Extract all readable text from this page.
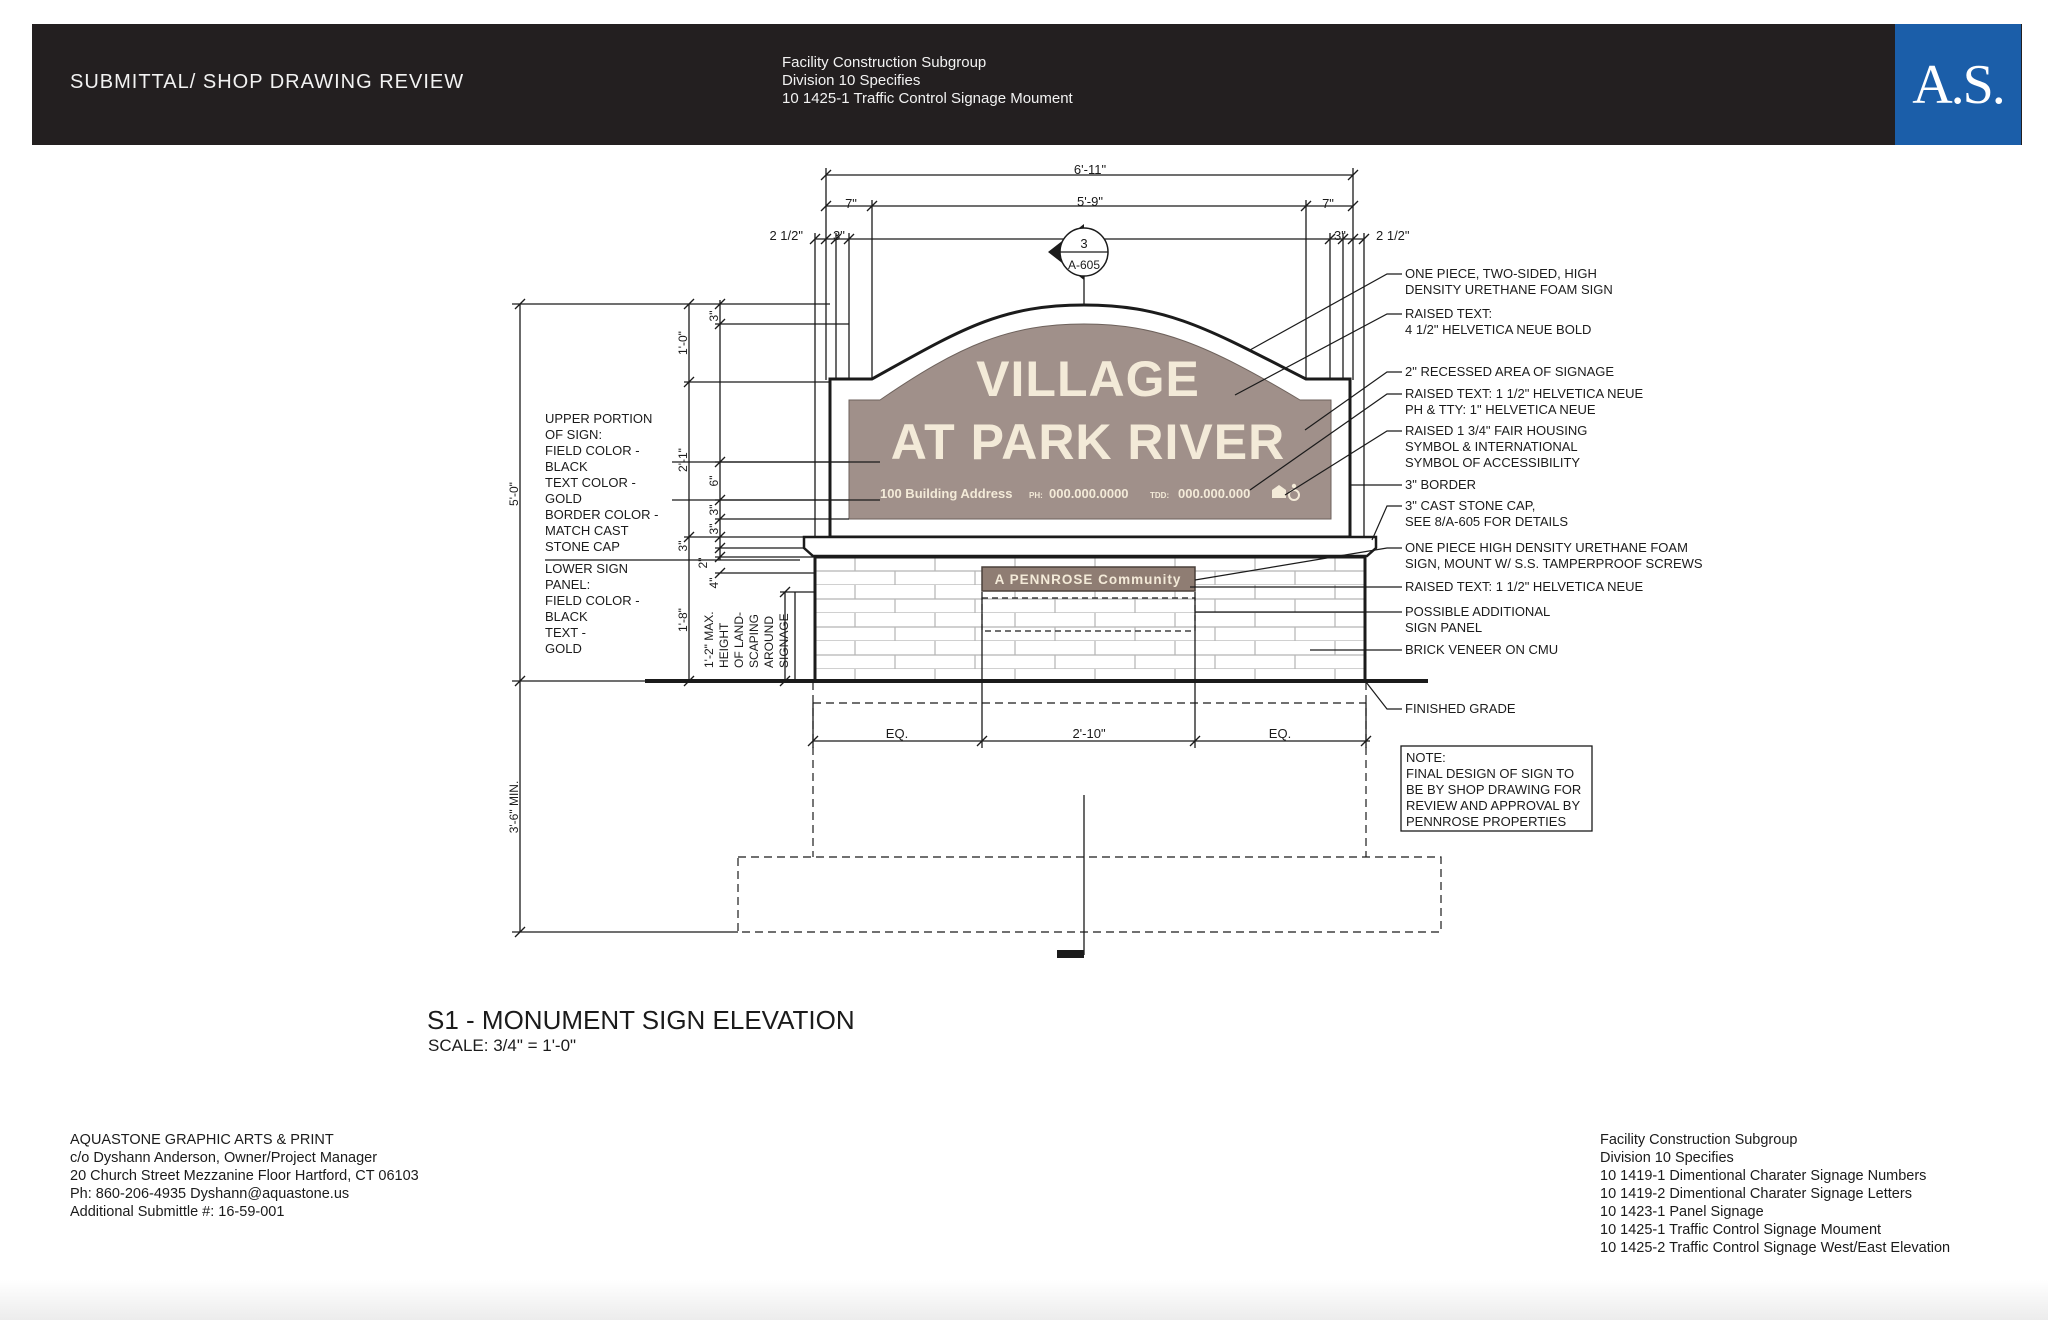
SUBMITTAL/ SHOP DRAWING REVIEW
Facility Construction Subgroup
Division 10 Specifies
10 1425-1 Traffic Control Signage Moument	A.S.
6'-11"
7"	5'-9"	7"
2 1/2" 3"	3" 2 1/2"
3
A-605
VILLAGE
AT PARK RIVER
100 Building Address PH: 000.000.0000	TDD: 000.000.000
A PENNROSE Community
EQ.	2'-10"	EQ.
5'-0"
3'-6" MIN.
1'-0"
3"
2'-1"
6"
3"
3"
3"
2"
4"
1'-8" 1'-2" MAX. HEIGHT OF LAND- SCAPING AROUND SIGNAGE
UPPER PORTION
OF SIGN:
FIELD COLOR -
BLACK
TEXT COLOR -
GOLD
BORDER COLOR -
MATCH CAST
STONE CAP
LOWER SIGN
PANEL:
FIELD COLOR -
BLACK
TEXT -
GOLD
ONE PIECE, TWO-SIDED, HIGH
DENSITY URETHANE FOAM SIGN
RAISED TEXT:
4 1/2" HELVETICA NEUE BOLD
2" RECESSED AREA OF SIGNAGE
RAISED TEXT: 1 1/2" HELVETICA NEUE
PH & TTY: 1" HELVETICA NEUE
RAISED 1 3/4" FAIR HOUSING
SYMBOL & INTERNATIONAL
SYMBOL OF ACCESSIBILITY
3" BORDER
3" CAST STONE CAP,
SEE 8/A-605 FOR DETAILS
ONE PIECE HIGH DENSITY URETHANE FOAM
SIGN, MOUNT W/ S.S. TAMPERPROOF SCREWS
RAISED TEXT: 1 1/2" HELVETICA NEUE
POSSIBLE ADDITIONAL
SIGN PANEL
BRICK VENEER ON CMU
FINISHED GRADE
NOTE:
FINAL DESIGN OF SIGN TO
BE BY SHOP DRAWING FOR
REVIEW AND APPROVAL BY
PENNROSE PROPERTIES
S1 - MONUMENT SIGN ELEVATION
SCALE: 3/4" = 1'-0"
AQUASTONE GRAPHIC ARTS & PRINT
c/o Dyshann Anderson, Owner/Project Manager
20 Church Street Mezzanine Floor Hartford, CT 06103
Ph: 860-206-4935 Dyshann@aquastone.us
Additional Submittle #: 16-59-001
Facility Construction Subgroup
Division 10 Specifies
10 1419-1 Dimentional Charater Signage Numbers
10 1419-2 Dimentional Charater Signage Letters
10 1423-1 Panel Signage
10 1425-1 Traffic Control Signage Moument
10 1425-2 Traffic Control Signage West/East Elevation
